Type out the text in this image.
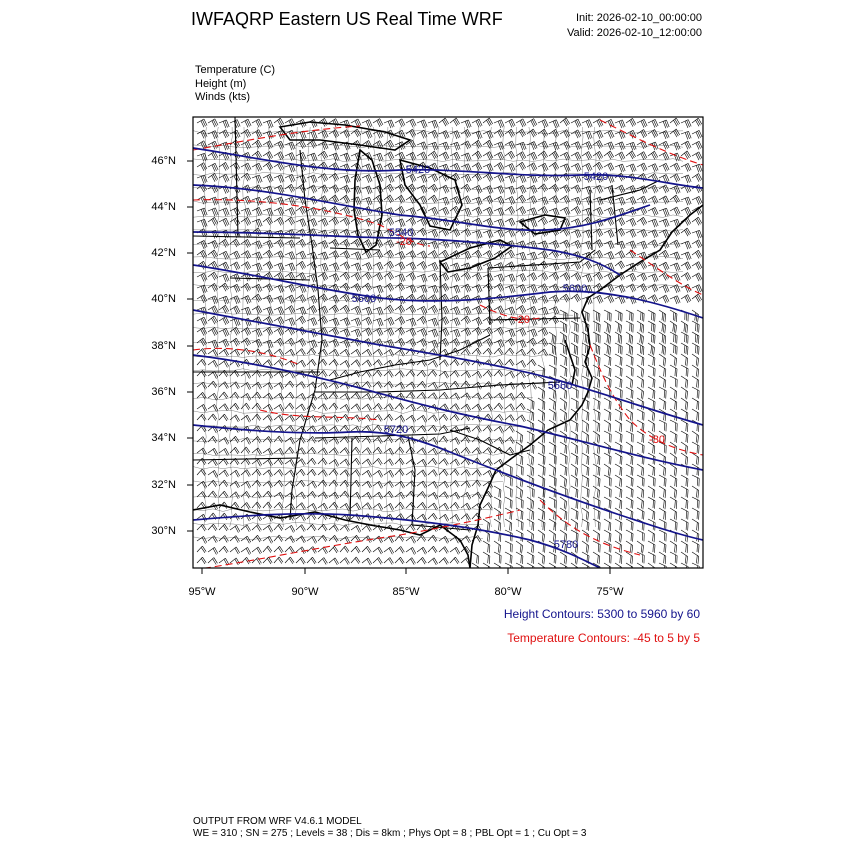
IWFAQRP Eastern US Real Time WRF	Init: 2026-02-10_00:00:00
Valid: 2026-02-10_12:00:00
Temperature (C)
Height (m)
Winds (kts)
5420
5420
5540
5600
5600
5660
5720
5780
-20
-20
-30
95°W	90°W	85°W	80°W	75°W
46°N
44°N
42°N
40°N
38°N
36°N
34°N
32°N
30°N
Height Contours: 5300 to 5960 by 60
Temperature Contours: -45 to 5 by 5
OUTPUT FROM WRF V4.6.1 MODEL
WE = 310 ; SN = 275 ; Levels = 38 ; Dis = 8km ; Phys Opt = 8 ; PBL Opt = 1 ; Cu Opt = 3
